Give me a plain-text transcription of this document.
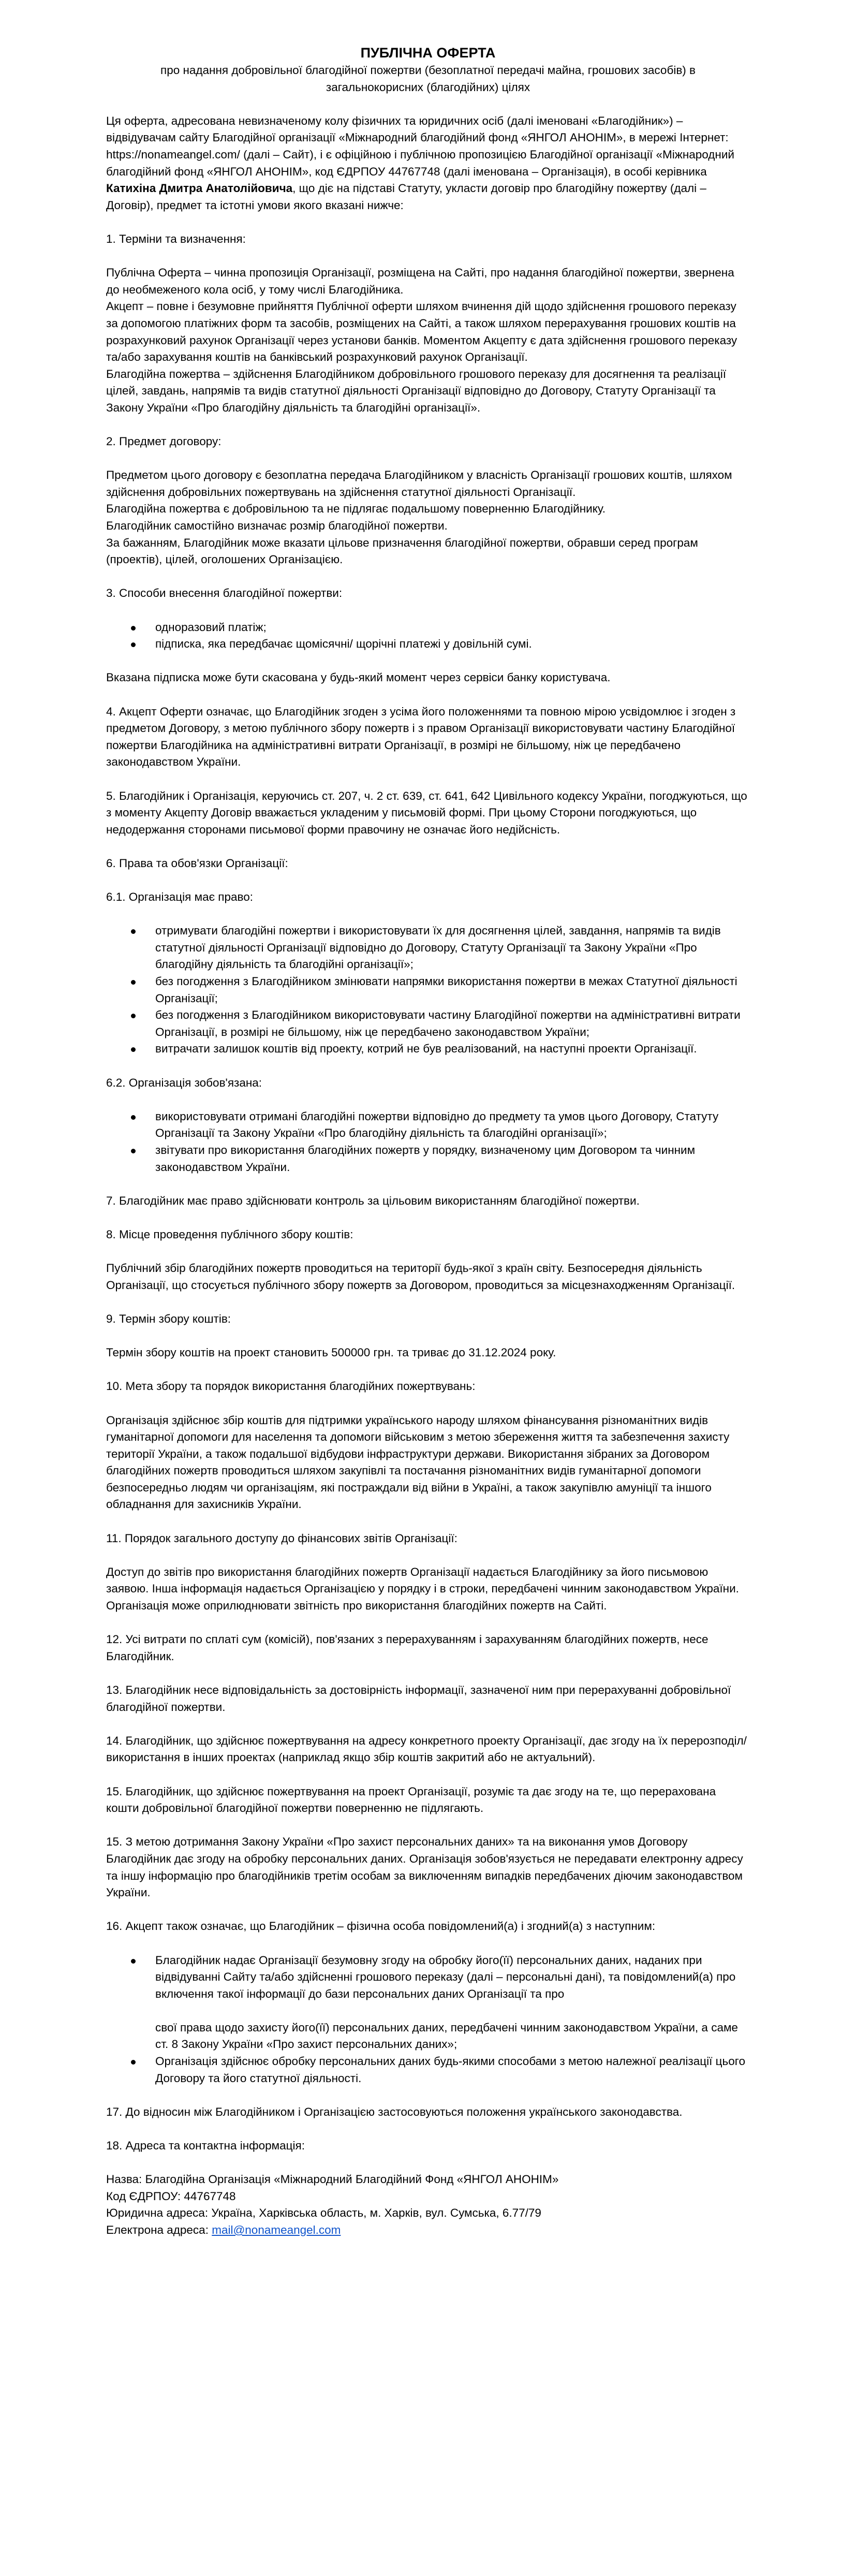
ПУБЛІЧНА ОФЕРТА

про надання добровільної благодійної пожертви (безоплатної передачі майна, грошових засобів) в
загальнокорисних (благодійних) цілях

Ця оферта, адресована невизначеному колу фізичних та юридичних осіб (далі іменовані «Благодійник») – відвідувачам сайту Благодійної організації «Міжнародний благодійний фонд «ЯНГОЛ АНОНІМ», в мережі Інтернет: https://nonameangel.com/ (далі – Сайт), і є офіційною і публічною пропозицією Благодійної організації «Міжнародний благодійний фонд «ЯНГОЛ АНОНІМ», код ЄДРПОУ 44767748 (далі іменована – Організація), в особі керівника Катихіна Дмитра Анатолійовича, що діє на підставі Статуту, укласти договір про благодійну пожертву (далі – Договір), предмет та істотні умови якого вказані нижче:

1. Терміни та визначення:

Публічна Оферта – чинна пропозиція Організації, розміщена на Сайті, про надання благодійної пожертви, звернена до необмеженого кола осіб, у тому числі Благодійника.

Акцепт – повне і безумовне прийняття Публічної оферти шляхом вчинення дій щодо здійснення грошового переказу за допомогою платіжних форм та засобів, розміщених на Сайті, а також шляхом перерахування грошових коштів на розрахунковий рахунок Організації через установи банків. Моментом Акцепту є дата здійснення грошового переказу та/або зарахування коштів на банківський розрахунковий рахунок Організації.

Благодійна пожертва – здійснення Благодійником добровільного грошового переказу для досягнення та реалізації цілей, завдань, напрямів та видів статутної діяльності Організації відповідно до Договору, Статуту Організації та Закону України «Про благодійну діяльність та благодійні організації».

2. Предмет договору:

Предметом цього договору є безоплатна передача Благодійником у власність Організації грошових коштів, шляхом здійснення добровільних пожертвувань на здійснення статутної діяльності Організації.

Благодійна пожертва є добровільною та не підлягає подальшому поверненню Благодійнику.

Благодійник самостійно визначає розмір благодійної пожертви.

За бажанням, Благодійник може вказати цільове призначення благодійної пожертви, обравши серед програм (проектів), цілей, оголошених Організацією.

3. Способи внесення благодійної пожертви:

одноразовий платіж;
підписка, яка передбачає щомісячні/ щорічні платежі у довільній сумі.

Вказана підписка може бути скасована у будь-який момент через сервіси банку користувача.

4. Акцепт Оферти означає, що Благодійник згоден з усіма його положеннями та повною мірою усвідомлює і згоден з предметом Договору, з метою публічного збору пожертв і з правом Організації використовувати частину Благодійної пожертви Благодійника на адміністративні витрати Організації, в розмірі не більшому, ніж це передбачено законодавством України.

5. Благодійник і Організація, керуючись ст. 207, ч. 2 ст. 639, ст. 641, 642 Цивільного кодексу України, погоджуються, що з моменту Акцепту Договір вважається укладеним у письмовій формі. При цьому Сторони погоджуються, що недодержання сторонами письмової форми правочину не означає його недійсність.

6. Права та обов'язки Організації:

6.1. Організація має право:

отримувати благодійні пожертви і використовувати їх для досягнення цілей, завдання, напрямів та видів статутної діяльності Організації відповідно до Договору, Статуту Організації та Закону України «Про благодійну діяльність та благодійні організації»;
без погодження з Благодійником змінювати напрямки використання пожертви в межах Статутної діяльності Організації;
без погодження з Благодійником використовувати частину Благодійної пожертви на адміністративні витрати Організації, в розмірі не більшому, ніж це передбачено законодавством України;
витрачати залишок коштів від проекту, котрий не був реалізований, на наступні проекти Організації.

6.2. Організація зобов'язана:

використовувати отримані благодійні пожертви відповідно до предмету та умов цього Договору, Статуту Організації та Закону України «Про благодійну діяльність та благодійні організації»;
звітувати про використання благодійних пожертв у порядку, визначеному цим Договором та чинним законодавством України.

7. Благодійник має право здійснювати контроль за цільовим використанням благодійної пожертви.

8. Місце проведення публічного збору коштів:

Публічний збір благодійних пожертв проводиться на території будь-якої з країн світу. Безпосередня діяльність Організації, що стосується публічного збору пожертв за Договором, проводиться за місцезнаходженням Організації.

9. Термін збору коштів:

Термін збору коштів на проект становить 500000 грн. та триває до 31.12.2024 року.

10. Мета збору та порядок використання благодійних пожертвувань:

Організація здійснює збір коштів для підтримки українського народу шляхом фінансування різноманітних видів гуманітарної допомоги для населення та допомоги військовим з метою збереження життя та забезпечення захисту території України, а також подальшої відбудови інфраструктури держави. Використання зібраних за Договором благодійних пожертв проводиться шляхом закупівлі та постачання різноманітних видів гуманітарної допомоги безпосередньо людям чи організаціям, які постраждали від війни в Україні, а також закупівлю амуніції та іншого обладнання для захисників України.

11. Порядок загального доступу до фінансових звітів Організації:

Доступ до звітів про використання благодійних пожертв Організації надається Благодійнику за його письмовою заявою. Інша інформація надається Організацією у порядку і в строки, передбачені чинним законодавством України. Організація може оприлюднювати звітність про використання благодійних пожертв на Сайті.

12. Усі витрати по сплаті сум (комісій), пов'язаних з перерахуванням і зарахуванням благодійних пожертв, несе Благодійник.

13. Благодійник несе відповідальність за достовірність інформації, зазначеної ним при перерахуванні добровільної благодійної пожертви.

14. Благодійник, що здійснює пожертвування на адресу конкретного проекту Організації, дає згоду на їх перерозподіл/використання в інших проектах (наприклад якщо збір коштів закритий або не актуальний).

15. Благодійник, що здійснює пожертвування на проект Організації, розуміє та дає згоду на те, що перерахована кошти добровільної благодійної пожертви поверненню не підлягають.

15. З метою дотримання Закону України «Про захист персональних даних» та на виконання умов Договору Благодійник дає згоду на обробку персональних даних. Організація зобов'язується не передавати електронну адресу та іншу інформацію про благодійників третім особам за виключенням випадків передбачених діючим законодавством України.

16. Акцепт також означає, що Благодійник – фізична особа повідомлений(а) і згодний(а) з наступним:

Благодійник надає Організації безумовну згоду на обробку його(її) персональних даних, наданих при відвідуванні Сайту та/або здійсненні грошового переказу (далі – персональні дані), та повідомлений(а) про включення такої інформації до бази персональних даних Організації та про

свої права щодо захисту його(її) персональних даних, передбачені чинним законодавством України, а саме ст. 8 Закону України «Про захист персональних даних»;
Організація здійснює обробку персональних даних будь-якими способами з метою належної реалізації цього Договору та його статутної діяльності.

17. До відносин між Благодійником і Організацією застосовуються положення українського законодавства.

18. Адреса та контактна інформація:

Назва: Благодійна Організація «Міжнародний Благодійний Фонд «ЯНГОЛ АНОНІМ»

Код ЄДРПОУ: 44767748

Юридична адреса: Україна, Харківська область, м. Харків, вул. Сумська, 6.77/79

Електрона адреса: mail@nonameangel.com
